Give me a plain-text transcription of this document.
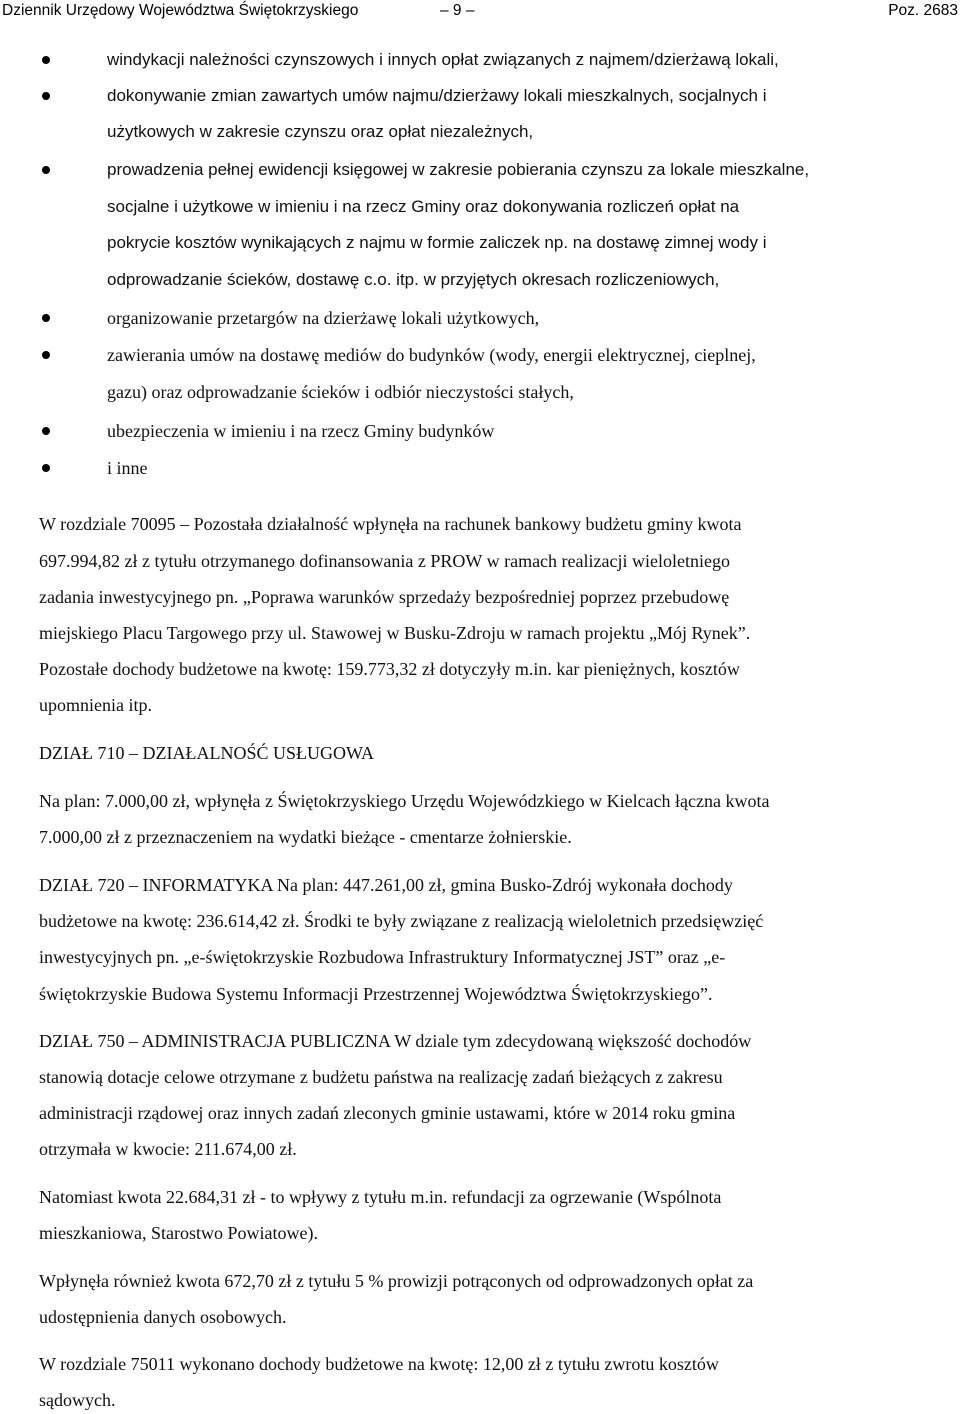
Dziennik Urzędowy Województwa Świętokrzyskiego	– 9 –	Poz. 2683
windykacji należności czynszowych i innych opłat związanych z najmem/dzierżawą lokali,
dokonywanie zmian zawartych umów najmu/dzierżawy lokali mieszkalnych, socjalnych i
użytkowych w zakresie czynszu oraz opłat niezależnych,
prowadzenia pełnej ewidencji księgowej w zakresie pobierania czynszu za lokale mieszkalne,
socjalne i użytkowe w imieniu i na rzecz Gminy oraz dokonywania rozliczeń opłat na
pokrycie kosztów wynikających z najmu w formie zaliczek np. na dostawę zimnej wody i
odprowadzanie ścieków, dostawę c.o. itp. w przyjętych okresach rozliczeniowych,
organizowanie przetargów na dzierżawę lokali użytkowych,
zawierania umów na dostawę mediów do budynków (wody, energii elektrycznej, cieplnej,
gazu) oraz odprowadzanie ścieków i odbiór nieczystości stałych,
ubezpieczenia w imieniu i na rzecz Gminy budynków
i inne
W rozdziale 70095 – Pozostała działalność wpłynęła na rachunek bankowy budżetu gminy kwota
697.994,82 zł z tytułu otrzymanego dofinansowania z PROW w ramach realizacji wieloletniego
zadania inwestycyjnego pn. „Poprawa warunków sprzedaży bezpośredniej poprzez przebudowę
miejskiego Placu Targowego przy ul. Stawowej w Busku-Zdroju w ramach projektu „Mój Rynek”.
Pozostałe dochody budżetowe na kwotę: 159.773,32 zł dotyczyły m.in. kar pieniężnych, kosztów
upomnienia itp.
DZIAŁ 710 – DZIAŁALNOŚĆ USŁUGOWA
Na plan: 7.000,00 zł, wpłynęła z Świętokrzyskiego Urzędu Wojewódzkiego w Kielcach łączna kwota
7.000,00 zł z przeznaczeniem na wydatki bieżące - cmentarze żołnierskie.
DZIAŁ 720 – INFORMATYKA Na plan: 447.261,00 zł, gmina Busko-Zdrój wykonała dochody
budżetowe na kwotę: 236.614,42 zł. Środki te były związane z realizacją wieloletnich przedsięwzięć
inwestycyjnych pn. „e-świętokrzyskie Rozbudowa Infrastruktury Informatycznej JST” oraz „e-
świętokrzyskie Budowa Systemu Informacji Przestrzennej Województwa Świętokrzyskiego”.
DZIAŁ 750 – ADMINISTRACJA PUBLICZNA W dziale tym zdecydowaną większość dochodów
stanowią dotacje celowe otrzymane z budżetu państwa na realizację zadań bieżących z zakresu
administracji rządowej oraz innych zadań zleconych gminie ustawami, które w 2014 roku gmina
otrzymała w kwocie: 211.674,00 zł.
Natomiast kwota 22.684,31 zł - to wpływy z tytułu m.in. refundacji za ogrzewanie (Wspólnota
mieszkaniowa, Starostwo Powiatowe).
Wpłynęła również kwota 672,70 zł z tytułu 5 % prowizji potrąconych od odprowadzonych opłat za
udostępnienia danych osobowych.
W rozdziale 75011 wykonano dochody budżetowe na kwotę: 12,00 zł z tytułu zwrotu kosztów
sądowych.
